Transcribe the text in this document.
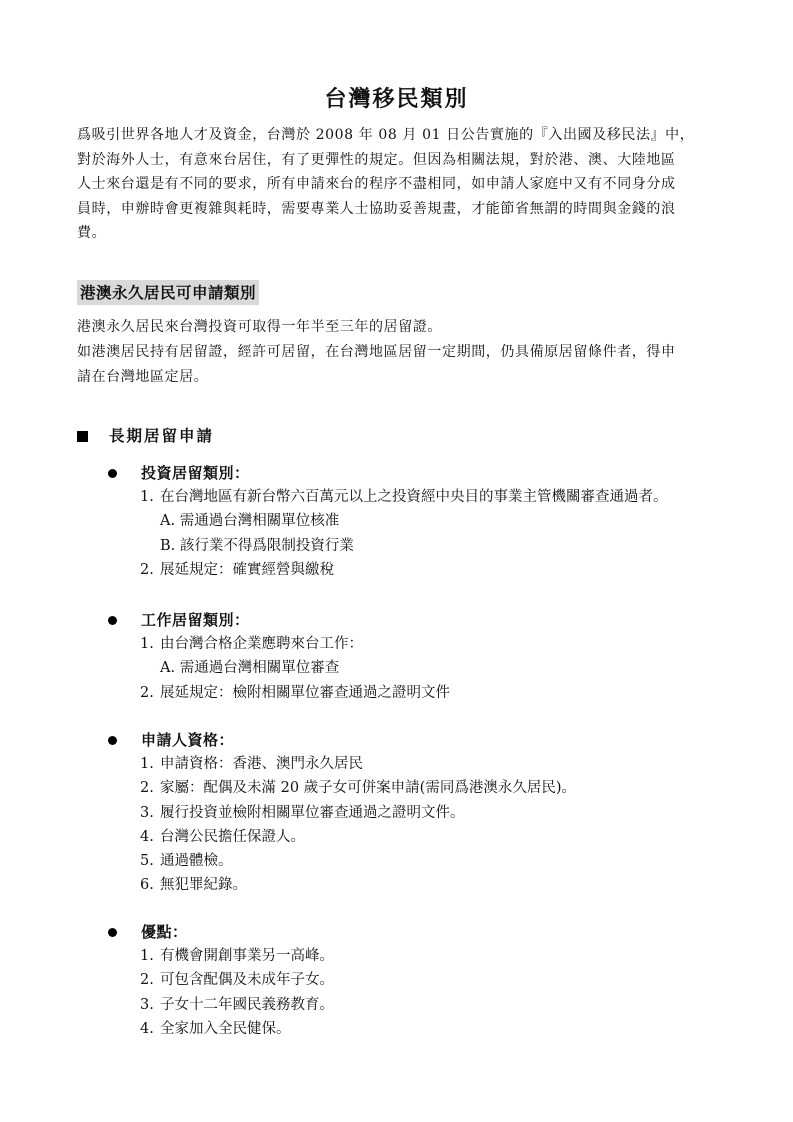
台灣移民類別

爲吸引世界各地人才及資金，台灣於 2008 年 08 月 01 日公告實施的『入出國及移民法』中，
對於海外人士，有意來台居住，有了更彈性的規定。但因為相關法規，對於港、澳、大陸地區
人士來台還是有不同的要求，所有申請來台的程序不盡相同，如申請人家庭中又有不同身分成
員時，申辦時會更複雜與耗時，需要專業人士協助妥善規畫，才能節省無謂的時間與金錢的浪
費。

港澳永久居民可申請類別

港澳永久居民來台灣投資可取得一年半至三年的居留證。
如港澳居民持有居留證，經許可居留，在台灣地區居留一定期間，仍具備原居留條件者，得申
請在台灣地區定居。

長期居留申請
投資居留類別：
1. 在台灣地區有新台幣六百萬元以上之投資經中央目的事業主管機關審查通過者。
A. 需通過台灣相關單位核准
B. 該行業不得爲限制投資行業
2. 展延規定：確實經營與繳稅
工作居留類別：
1. 由台灣合格企業應聘來台工作：
A. 需通過台灣相關單位審查
2. 展延規定：檢附相關單位審查通過之證明文件
申請人資格：
1. 申請資格：香港、澳門永久居民
2. 家屬：配偶及未滿 20 歲子女可併案申請(需同爲港澳永久居民)。
3. 履行投資並檢附相關單位審查通過之證明文件。
4. 台灣公民擔任保證人。
5. 通過體檢。
6. 無犯罪紀錄。
優點：
1. 有機會開創事業另一高峰。
2. 可包含配偶及未成年子女。
3. 子女十二年國民義務教育。
4. 全家加入全民健保。
